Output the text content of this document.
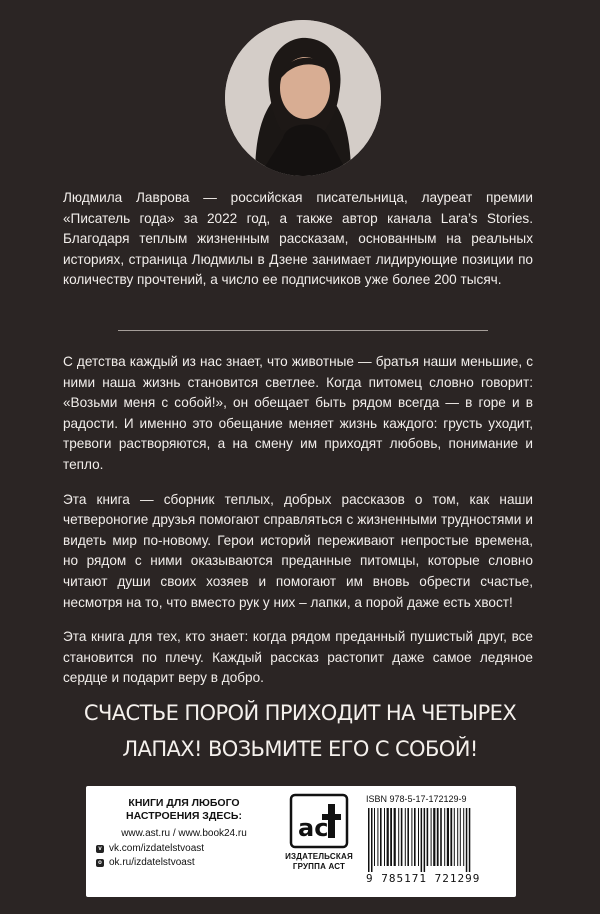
Людмила Лаврова — российская писательница, лауреат премии «Писатель года» за 2022 год, а также автор канала Lara’s Stories. Благодаря теплым жизненным рассказам, основанным на реальных историях, страница Людмилы в Дзене занимает лидирующие позиции по количеству прочтений, а число ее подписчиков уже более 200 тысяч.

С детства каждый из нас знает, что животные — братья наши меньшие, с ними наша жизнь становится светлее. Когда питомец словно говорит: «Возьми меня с собой!», он обещает быть рядом всегда — в горе и в радости. И именно это обещание меняет жизнь каждого: грусть уходит, тревоги растворяются, а на смену им приходят любовь, понимание и тепло.

Эта книга — сборник теплых, добрых рассказов о том, как наши четвероногие друзья помогают справляться с жизненными трудностями и видеть мир по-новому. Герои историй переживают непростые времена, но рядом с ними оказываются преданные питомцы, которые словно читают души своих хозяев и помогают им вновь обрести счастье, несмотря на то, что вместо рук у них – лапки, а порой даже есть хвост!

Эта книга для тех, кто знает: когда рядом преданный пушистый друг, все становится по плечу. Каждый рассказ растопит даже самое ледяное сердце и подарит веру в добро.

СЧАСТЬЕ ПОРОЙ ПРИХОДИТ НА ЧЕТЫРЕХ
ЛАПАХ! ВОЗЬМИТЕ ЕГО С СОБОЙ!

КНИГИ ДЛЯ ЛЮБОГО
НАСТРОЕНИЯ ЗДЕСЬ:
www.ast.ru / www.book24.ru
v vk.com/izdatelstvoast
o ok.ru/izdatelstvoast
ac
ИЗДАТЕЛЬСКАЯ
ГРУППА АСТ
ISBN 978-5-17-172129-9
9 785171 721299
